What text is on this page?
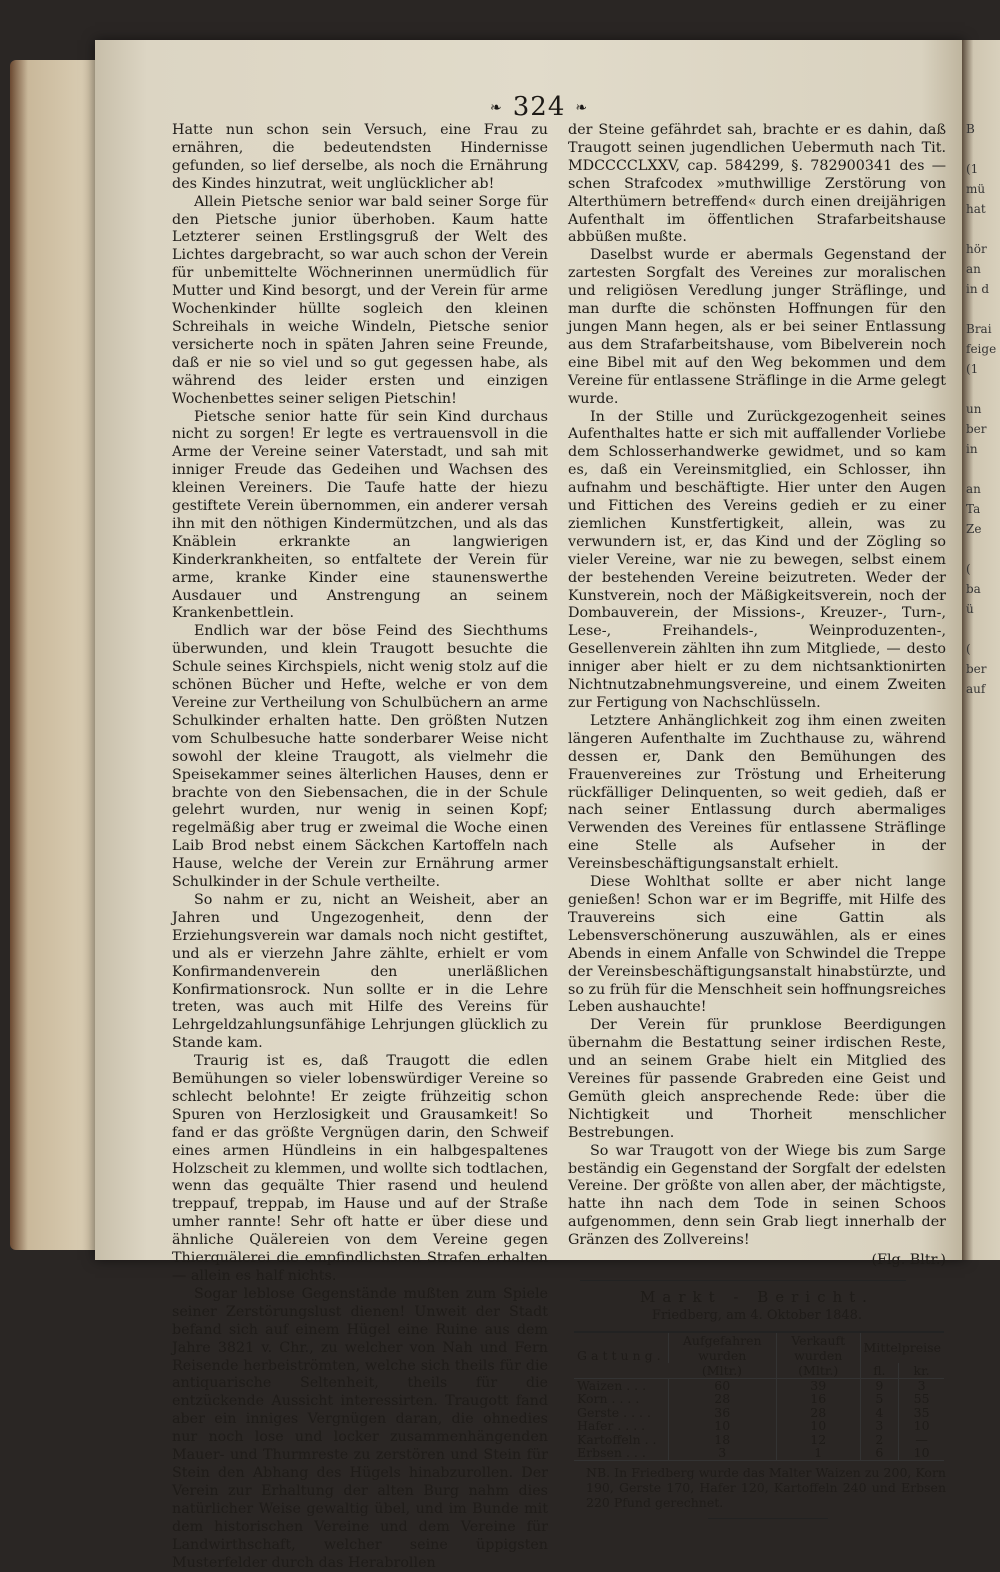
B
(1
mü
hat
hör
an
in d
Brai
feige
(1
un
ber
in
an
Ta
Ze
(
ba
ü
(
ber
auf
❧ 324 ❧

Hatte nun schon sein Versuch, eine Frau zu ernähren, die bedeutendsten Hindernisse gefunden, so lief derselbe, als noch die Ernährung des Kindes hinzutrat, weit unglücklicher ab!

Allein Pietsche senior war bald seiner Sorge für den Pietsche junior überhoben. Kaum hatte Letzterer seinen Erstlingsgruß der Welt des Lichtes dargebracht, so war auch schon der Verein für unbemittelte Wöchnerinnen unermüdlich für Mutter und Kind besorgt, und der Verein für arme Wochenkinder hüllte sogleich den kleinen Schreihals in weiche Windeln, Pietsche senior versicherte noch in späten Jahren seine Freunde, daß er nie so viel und so gut gegessen habe, als während des leider ersten und einzigen Wochenbettes seiner seligen Pietschin!

Pietsche senior hatte für sein Kind durchaus nicht zu sorgen! Er legte es vertrauensvoll in die Arme der Vereine seiner Vaterstadt, und sah mit inniger Freude das Gedeihen und Wachsen des kleinen Vereiners. Die Taufe hatte der hiezu gestiftete Verein übernommen, ein anderer versah ihn mit den nöthigen Kindermützchen, und als das Knäblein erkrankte an langwierigen Kinderkrankheiten, so entfaltete der Verein für arme, kranke Kinder eine staunenswerthe Ausdauer und Anstrengung an seinem Krankenbettlein.

Endlich war der böse Feind des Siechthums überwunden, und klein Traugott besuchte die Schule seines Kirchspiels, nicht wenig stolz auf die schönen Bücher und Hefte, welche er von dem Vereine zur Vertheilung von Schulbüchern an arme Schulkinder erhalten hatte. Den größten Nutzen vom Schulbesuche hatte sonderbarer Weise nicht sowohl der kleine Traugott, als vielmehr die Speisekammer seines älterlichen Hauses, denn er brachte von den Siebensachen, die in der Schule gelehrt wurden, nur wenig in seinen Kopf; regelmäßig aber trug er zweimal die Woche einen Laib Brod nebst einem Säckchen Kartoffeln nach Hause, welche der Verein zur Ernährung armer Schulkinder in der Schule vertheilte.

So nahm er zu, nicht an Weisheit, aber an Jahren und Ungezogenheit, denn der Erziehungsverein war damals noch nicht gestiftet, und als er vierzehn Jahre zählte, erhielt er vom Konfirmandenverein den unerläßlichen Konfirmationsrock. Nun sollte er in die Lehre treten, was auch mit Hilfe des Vereins für Lehrgeldzahlungsunfähige Lehrjungen glücklich zu Stande kam.

Traurig ist es, daß Traugott die edlen Bemühungen so vieler lobenswürdiger Vereine so schlecht belohnte! Er zeigte frühzeitig schon Spuren von Herzlosigkeit und Grausamkeit! So fand er das größte Vergnügen darin, den Schweif eines armen Hündleins in ein halbgespaltenes Holzscheit zu klemmen, und wollte sich todtlachen, wenn das gequälte Thier rasend und heulend treppauf, treppab, im Hause und auf der Straße umher rannte! Sehr oft hatte er über diese und ähnliche Quälereien von dem Vereine gegen Thierquälerei die empfindlichsten Strafen erhalten — allein es half nichts.

Sogar leblose Gegenstände mußten zum Spiele seiner Zerstörungslust dienen! Unweit der Stadt befand sich auf einem Hügel eine Ruine aus dem Jahre 3821 v. Chr., zu welcher von Nah und Fern Reisende herbeiströmten, welche sich theils für die antiquarische Seltenheit, theils für die entzückende Aussicht interessirten. Traugott fand aber ein inniges Vergnügen daran, die ohnedies nur noch lose und locker zusammenhängenden Mauer- und Thurmreste zu zerstören und Stein für Stein den Abhang des Hügels hinabzurollen. Der Verein zur Erhaltung der alten Burg nahm dies natürlicher Weise gewaltig übel, und im Bunde mit dem historischen Vereine und dem Vereine für Landwirthschaft, welcher seine üppigsten Musterfelder durch das Herabrollen

der Steine gefährdet sah, brachte er es dahin, daß Traugott seinen jugendlichen Uebermuth nach Tit. MDCCCCLXXV, cap. 584299, §. 782900341 des — schen Strafcodex »muthwillige Zerstörung von Alterthümern betreffend« durch einen dreijährigen Aufenthalt im öffentlichen Strafarbeitshause abbüßen mußte.

Daselbst wurde er abermals Gegenstand der zartesten Sorgfalt des Vereines zur moralischen und religiösen Veredlung junger Sträflinge, und man durfte die schönsten Hoffnungen für den jungen Mann hegen, als er bei seiner Entlassung aus dem Strafarbeitshause, vom Bibelverein noch eine Bibel mit auf den Weg bekommen und dem Vereine für entlassene Sträflinge in die Arme gelegt wurde.

In der Stille und Zurückgezogenheit seines Aufenthaltes hatte er sich mit auffallender Vorliebe dem Schlosserhandwerke gewidmet, und so kam es, daß ein Vereinsmitglied, ein Schlosser, ihn aufnahm und beschäftigte. Hier unter den Augen und Fittichen des Vereins gedieh er zu einer ziemlichen Kunstfertigkeit, allein, was zu verwundern ist, er, das Kind und der Zögling so vieler Vereine, war nie zu bewegen, selbst einem der bestehenden Vereine beizutreten. Weder der Kunstverein, noch der Mäßigkeitsverein, noch der Dombauverein, der Missions-, Kreuzer-, Turn-, Lese-, Freihandels-, Weinproduzenten-, Gesellenverein zählten ihn zum Mitgliede, — desto inniger aber hielt er zu dem nichtsanktionirten Nichtnutzabnehmungsvereine, und einem Zweiten zur Fertigung von Nachschlüsseln.

Letztere Anhänglichkeit zog ihm einen zweiten längeren Aufenthalte im Zuchthause zu, während dessen er, Dank den Bemühungen des Frauenvereines zur Tröstung und Erheiterung rückfälliger Delinquenten, so weit gedieh, daß er nach seiner Entlassung durch abermaliges Verwenden des Vereines für entlassene Sträflinge eine Stelle als Aufseher in der Vereinsbeschäftigungsanstalt erhielt.

Diese Wohlthat sollte er aber nicht lange genießen! Schon war er im Begriffe, mit Hilfe des Trauvereins sich eine Gattin als Lebensverschönerung auszuwählen, als er eines Abends in einem Anfalle von Schwindel die Treppe der Vereinsbeschäftigungsanstalt hinabstürzte, und so zu früh für die Menschheit sein hoffnungsreiches Leben aushauchte!

Der Verein für prunklose Beerdigungen übernahm die Bestattung seiner irdischen Reste, und an seinem Grabe hielt ein Mitglied des Vereines für passende Grabreden eine Geist und Gemüth gleich ansprechende Rede: über die Nichtigkeit und Thorheit menschlicher Bestrebungen.

So war Traugott von der Wiege bis zum Sarge beständig ein Gegenstand der Sorgfalt der edelsten Vereine. Der größte von allen aber, der mächtigste, hatte ihn nach dem Tode in seinen Schoos aufgenommen, denn sein Grab liegt innerhalb der Gränzen des Zollvereins!

(Flg. Bltr.)
Markt - Bericht.
Friedberg, am 4. Oktober 1848.
Gattung.	Aufgefahren wurden	Verkauft wurden	Mittelpreise	
	(Mltr.)	(Mltr.)	fl.	kr.
Waizen . . .	60	39	9	3
Korn . . . .	28	16	5	55
Gerste . . . .	36	28	4	35
Hafer . . . .	10	10	3	10
Kartoffeln . .	18	12	2	—
Erbsen . . .	3	1	6	10
NB. In Friedberg wurde das Malter Waizen zu 200, Korn 190, Gerste 170, Hafer 120, Kartoffeln 240 und Erbsen 220 Pfund gerechnet.
